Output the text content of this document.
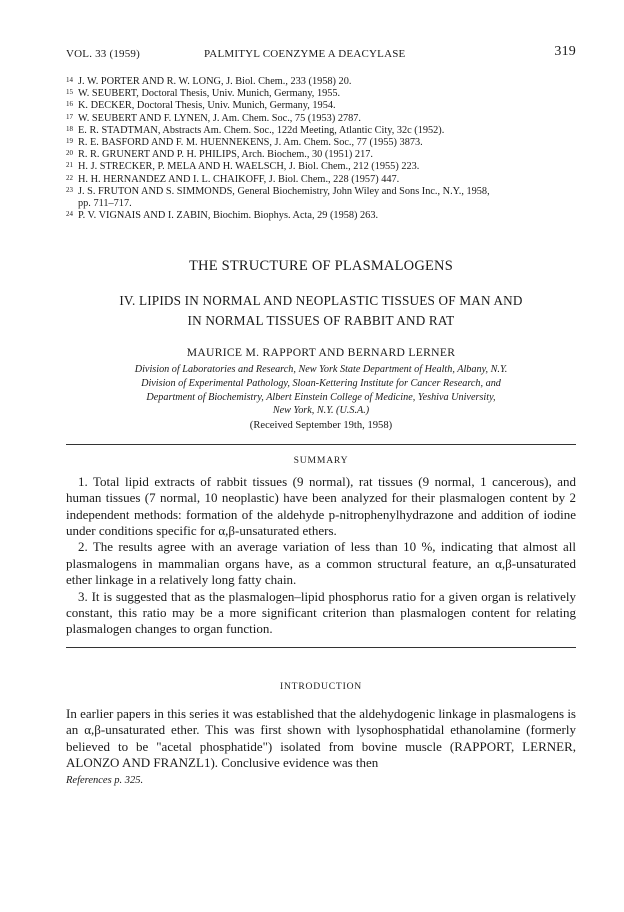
VOL. 33 (1959)	PALMITYL COENZYME A DEACYLASE	319
14 J. W. PORTER AND R. W. LONG, J. Biol. Chem., 233 (1958) 20.
15 W. SEUBERT, Doctoral Thesis, Univ. Munich, Germany, 1955.
16 K. DECKER, Doctoral Thesis, Univ. Munich, Germany, 1954.
17 W. SEUBERT AND F. LYNEN, J. Am. Chem. Soc., 75 (1953) 2787.
18 E. R. STADTMAN, Abstracts Am. Chem. Soc., 122d Meeting, Atlantic City, 32c (1952).
19 R. E. BASFORD AND F. M. HUENNEKENS, J. Am. Chem. Soc., 77 (1955) 3873.
20 R. R. GRUNERT AND P. H. PHILIPS, Arch. Biochem., 30 (1951) 217.
21 H. J. STRECKER, P. MELA AND H. WAELSCH, J. Biol. Chem., 212 (1955) 223.
22 H. H. HERNANDEZ AND I. L. CHAIKOFF, J. Biol. Chem., 228 (1957) 447.
23 J. S. FRUTON AND S. SIMMONDS, General Biochemistry, John Wiley and Sons Inc., N.Y., 1958,
pp. 711–717.
24 P. V. VIGNAIS AND I. ZABIN, Biochim. Biophys. Acta, 29 (1958) 263.
THE STRUCTURE OF PLASMALOGENS
IV. LIPIDS IN NORMAL AND NEOPLASTIC TISSUES OF MAN AND
IN NORMAL TISSUES OF RABBIT AND RAT
MAURICE M. RAPPORT AND BERNARD LERNER
Division of Laboratories and Research, New York State Department of Health, Albany, N.Y.
Division of Experimental Pathology, Sloan-Kettering Institute for Cancer Research, and
Department of Biochemistry, Albert Einstein College of Medicine, Yeshiva University,
New York, N.Y. (U.S.A.)
(Received September 19th, 1958)
SUMMARY
1. Total lipid extracts of rabbit tissues (9 normal), rat tissues (9 normal, 1 cancerous), and human tissues (7 normal, 10 neoplastic) have been analyzed for their plasmalogen content by 2 independent methods: formation of the aldehyde p-nitrophenylhydrazone and addition of iodine under conditions specific for α,β-unsaturated ethers.
2. The results agree with an average variation of less than 10 %, indicating that almost all plasmalogens in mammalian organs have, as a common structural feature, an α,β-unsaturated ether linkage in a relatively long fatty chain.
3. It is suggested that as the plasmalogen–lipid phosphorus ratio for a given organ is relatively constant, this ratio may be a more significant criterion than plasmalogen content for relating plasmalogen changes to organ function.
INTRODUCTION
In earlier papers in this series it was established that the aldehydogenic linkage in plasmalogens is an α,β-unsaturated ether. This was first shown with lysophosphatidal ethanolamine (formerly believed to be "acetal phosphatide") isolated from bovine muscle (RAPPORT, LERNER, ALONZO AND FRANZL1). Conclusive evidence was then
References p. 325.
